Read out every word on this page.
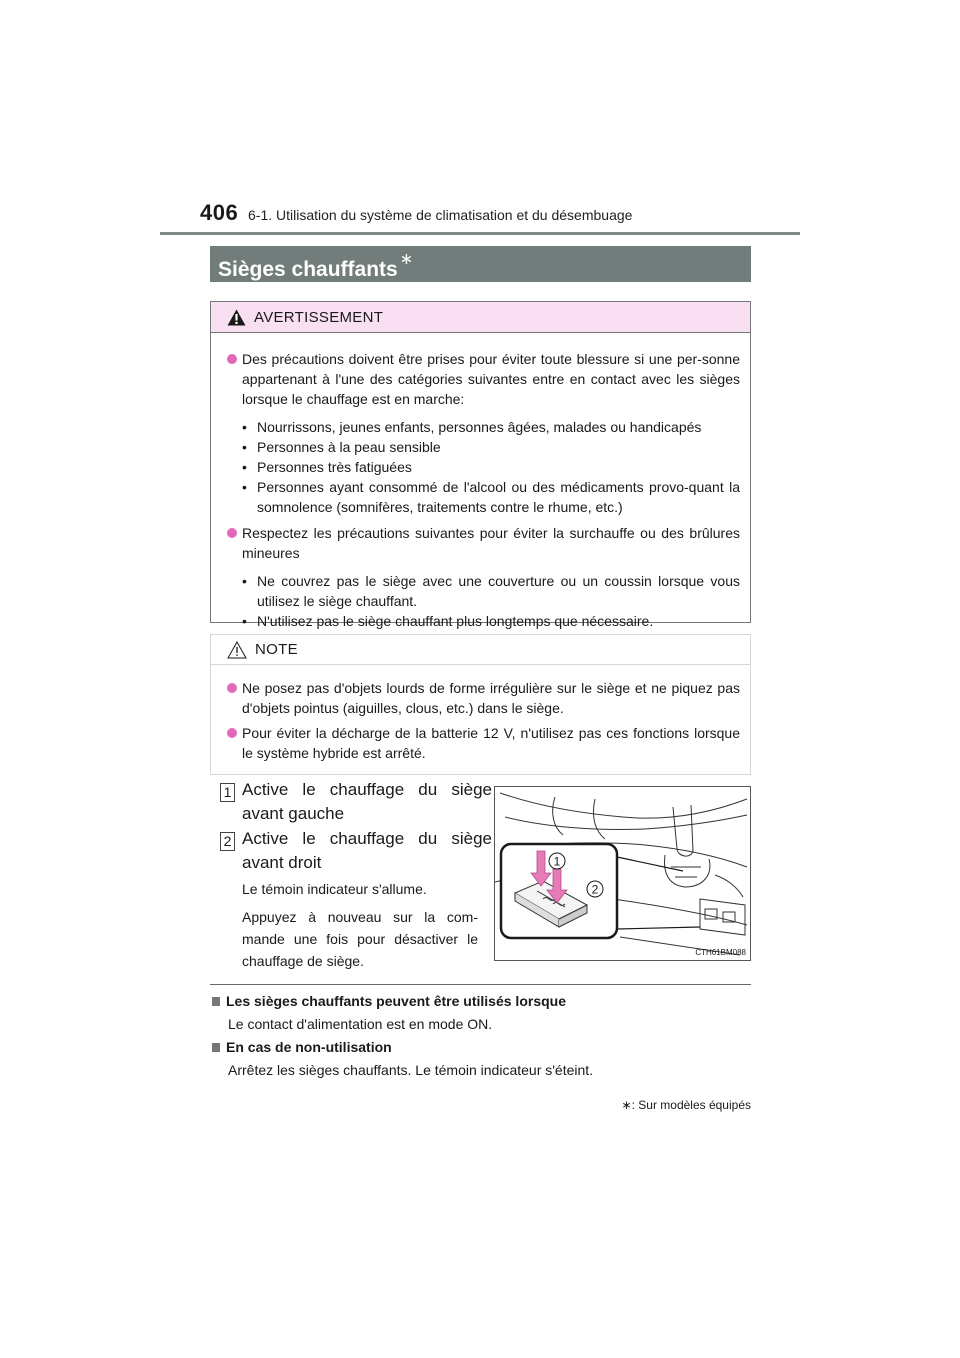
406 6-1. Utilisation du système de climatisation et du désembuage
Sièges chauffants ∗
AVERTISSEMENT
Des précautions doivent être prises pour éviter toute blessure si une per-sonne appartenant à l'une des catégories suivantes entre en contact avec les sièges lorsque le chauffage est en marche:
• Nourrissons, jeunes enfants, personnes âgées, malades ou handicapés
• Personnes à la peau sensible
• Personnes très fatiguées
• Personnes ayant consommé de l'alcool ou des médicaments provo-quant la somnolence (somnifères, traitements contre le rhume, etc.)
Respectez les précautions suivantes pour éviter la surchauffe ou des brûlures mineures
• Ne couvrez pas le siège avec une couverture ou un coussin lorsque vous utilisez le siège chauffant.
• N'utilisez pas le siège chauffant plus longtemps que nécessaire.
NOTE
Ne posez pas d'objets lourds de forme irrégulière sur le siège et ne piquez pas d'objets pointus (aiguilles, clous, etc.) dans le siège.
Pour éviter la décharge de la batterie 12 V, n'utilisez pas ces fonctions lorsque le système hybride est arrêté.
1 Active le chauffage du siège avant gauche
2 Active le chauffage du siège avant droit
Le témoin indicateur s'allume.
Appuyez à nouveau sur la com-mande une fois pour désactiver le chauffage de siège.
1
2
CTH61BM088
Les sièges chauffants peuvent être utilisés lorsque
Le contact d'alimentation est en mode ON.
En cas de non-utilisation
Arrêtez les sièges chauffants. Le témoin indicateur s'éteint.
∗: Sur modèles équipés
